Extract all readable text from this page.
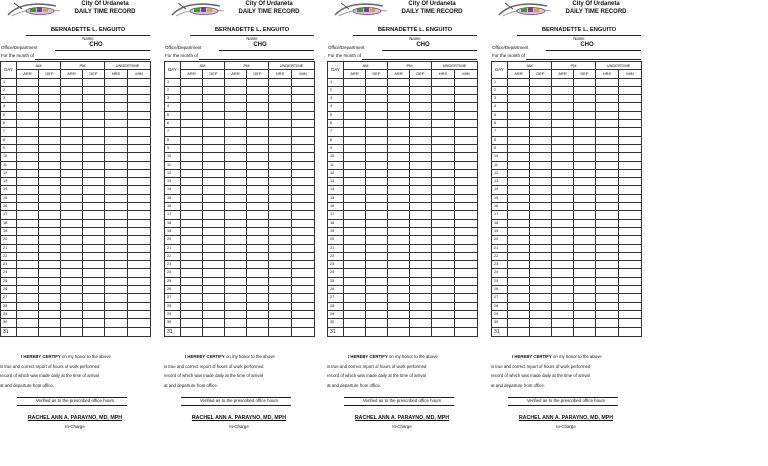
City Of Urdaneta
DAILY TIME RECORD
BERNADETTE L. ENGUITO
Name
Office/Department	CHO
For the month of
DAY	AM		PM		UNDERTIME	
	ARR	DEP	ARR	DEP	HRS	MIN
1						
2						
3						
4						
5						
6						
7						
8						
9						
10						
11						
12						
13						
14						
15						
16						
17						
18						
19						
20						
21						
22						
23						
24						
25						
26						
27						
28						
29						
30						
31						
I HEREBY CERTIFY on my honor to the above
is true and correct report of hours of work performed
record of which was made daily at the time of arrival
at and departure from office.
Verified as to the prescribed office hours
RACHEL ANN A. PARAYNO, MD, MPH
In-Charge
City Of Urdaneta
DAILY TIME RECORD
BERNADETTE L. ENGUITO
Name
Office/Department	CHO
For the month of
DAY	AM		PM		UNDERTIME	
	ARR	DEP	ARR	DEP	HRS	MIN
1						
2						
3						
4						
5						
6						
7						
8						
9						
10						
11						
12						
13						
14						
15						
16						
17						
18						
19						
20						
21						
22						
23						
24						
25						
26						
27						
28						
29						
30						
31						
I HEREBY CERTIFY on my honor to the above
is true and correct report of hours of work performed
record of which was made daily at the time of arrival
at and departure from office.
Verified as to the prescribed office hours
RACHEL ANN A. PARAYNO, MD, MPH
In-Charge
City Of Urdaneta
DAILY TIME RECORD
BERNADETTE L. ENGUITO
Name
Office/Department	CHO
For the month of
DAY	AM		PM		UNDERTIME	
	ARR	DEP	ARR	DEP	HRS	MIN
1						
2						
3						
4						
5						
6						
7						
8						
9						
10						
11						
12						
13						
14						
15						
16						
17						
18						
19						
20						
21						
22						
23						
24						
25						
26						
27						
28						
29						
30						
31						
I HEREBY CERTIFY on my honor to the above
is true and correct report of hours of work performed
record of which was made daily at the time of arrival
at and departure from office.
Verified as to the prescribed office hours
RACHEL ANN A. PARAYNO, MD, MPH
In-Charge
City Of Urdaneta
DAILY TIME RECORD
BERNADETTE L. ENGUITO
Name
Office/Department	CHO
For the month of
DAY	AM		PM		UNDERTIME	
	ARR	DEP	ARR	DEP	HRS	MIN
1						
2						
3						
4						
5						
6						
7						
8						
9						
10						
11						
12						
13						
14						
15						
16						
17						
18						
19						
20						
21						
22						
23						
24						
25						
26						
27						
28						
29						
30						
31						
I HEREBY CERTIFY on my honor to the above
is true and correct report of hours of work performed
record of which was made daily at the time of arrival
at and departure from office.
Verified as to the prescribed office hours
RACHEL ANN A. PARAYNO, MD, MPH
In-Charge
